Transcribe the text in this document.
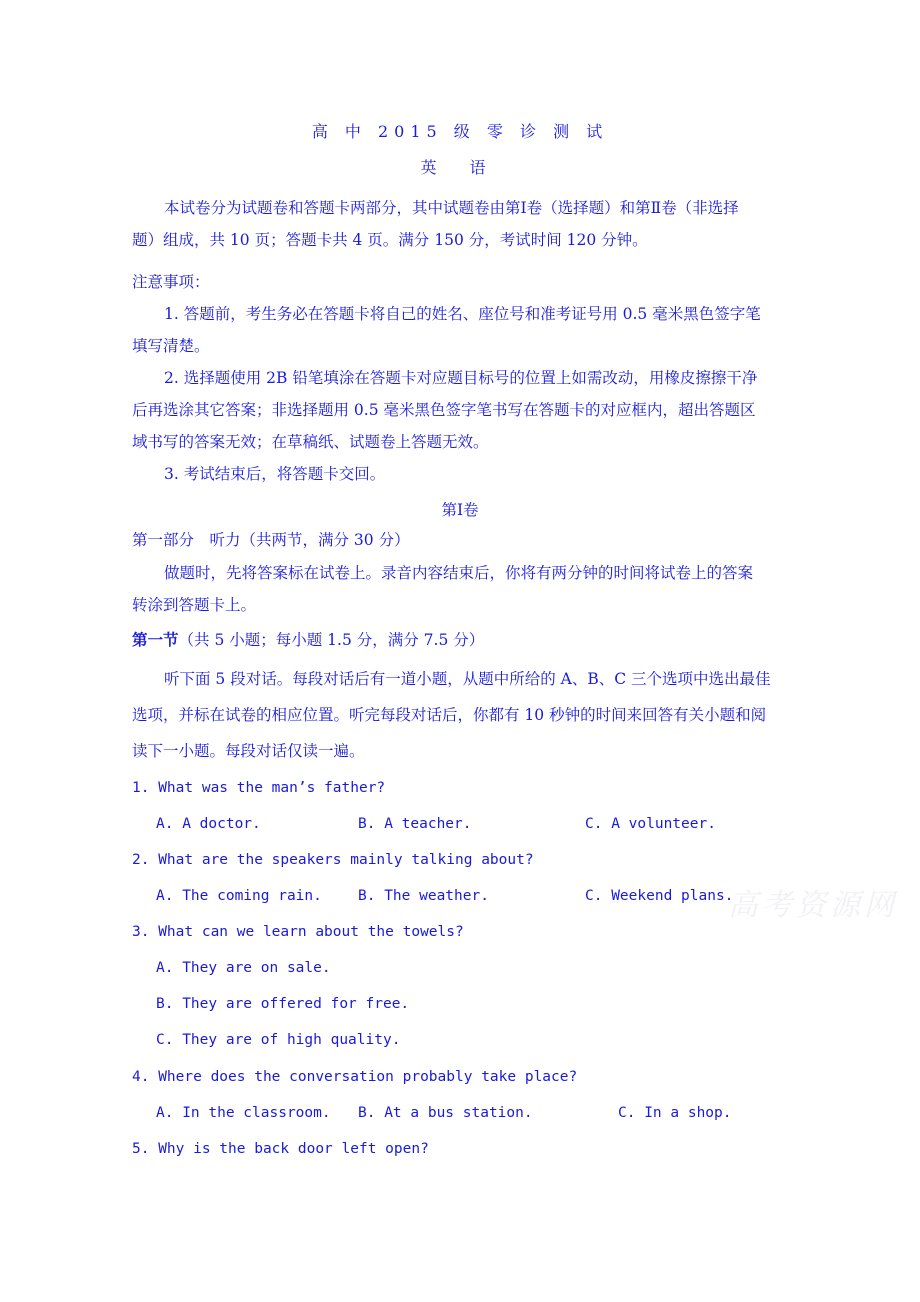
高 中 2015 级 零 诊 测 试
英 语
本试卷分为试题卷和答题卡两部分，其中试题卷由第Ⅰ卷（选择题）和第Ⅱ卷（非选择
题）组成，共 10 页；答题卡共 4 页。满分 150 分，考试时间 120 分钟。
注意事项：
1. 答题前，考生务必在答题卡将自己的姓名、座位号和准考证号用 0.5 毫米黑色签字笔
填写清楚。
2. 选择题使用 2B 铅笔填涂在答题卡对应题目标号的位置上如需改动，用橡皮擦擦干净
后再选涂其它答案；非选择题用 0.5 毫米黑色签字笔书写在答题卡的对应框内，超出答题区
域书写的答案无效；在草稿纸、试题卷上答题无效。
3. 考试结束后，将答题卡交回。
第Ⅰ卷
第一部分　听力（共两节，满分 30 分）
做题时，先将答案标在试卷上。录音内容结束后，你将有两分钟的时间将试卷上的答案
转涂到答题卡上。
第一节（共 5 小题；每小题 1.5 分，满分 7.5 分）
听下面 5 段对话。每段对话后有一道小题，从题中所给的 A、B、C 三个选项中选出最佳
选项，并标在试卷的相应位置。听完每段对话后，你都有 10 秒钟的时间来回答有关小题和阅
读下一小题。每段对话仅读一遍。
1. What was the man’s father?
A. A doctor.	B. A teacher.	C. A volunteer.
2. What are the speakers mainly talking about?
A. The coming rain. B. The weather.	C. Weekend plans.
3. What can we learn about the towels?
A. They are on sale.
B. They are offered for free.
C. They are of high quality.
4. Where does the conversation probably take place?
A. In the classroom. B. At a bus station.	C. In a shop.
5. Why is the back door left open?
高考资源网
